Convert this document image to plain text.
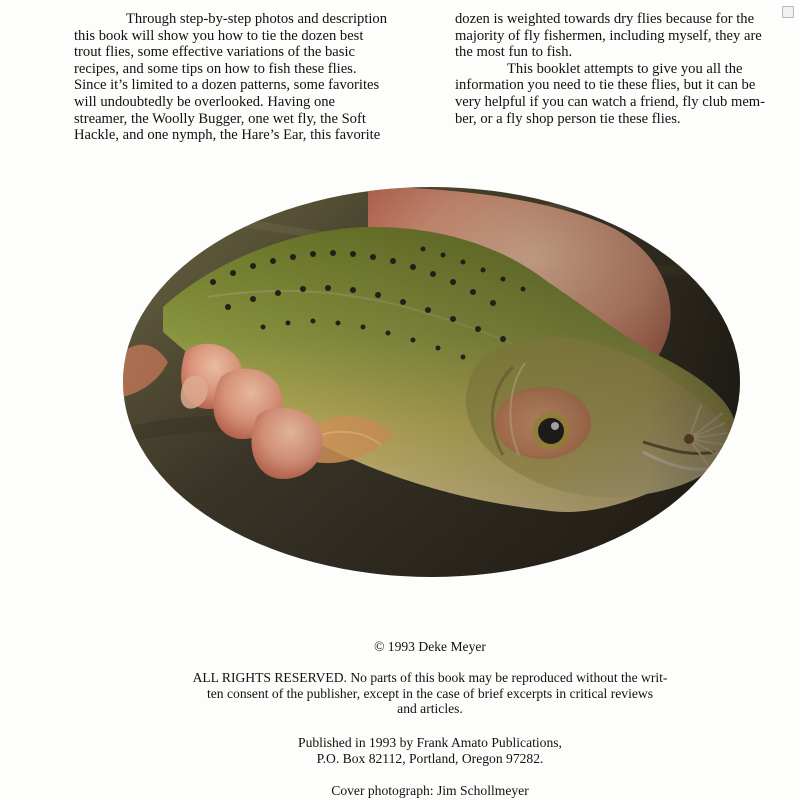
Through step-by-step photos and description

this book will show you how to tie the dozen best

trout flies, some effective variations of the basic

recipes, and some tips on how to fish these flies.

Since it’s limited to a dozen patterns, some favorites

will undoubtedly be overlooked. Having one

streamer, the Woolly Bugger, one wet fly, the Soft

Hackle, and one nymph, the Hare’s Ear, this favorite

dozen is weighted towards dry flies because for the

majority of fly fishermen, including myself, they are

the most fun to fish.

This booklet attempts to give you all the

information you need to tie these flies, but it can be

very helpful if you can watch a friend, fly club mem-

ber, or a fly shop person tie these flies.

© 1993 Deke Meyer

ALL RIGHTS RESERVED. No parts of this book may be reproduced without the writ-

ten consent of the publisher, except in the case of brief excerpts in critical reviews

and articles.

Published in 1993 by Frank Amato Publications,

P.O. Box 82112, Portland, Oregon 97282.

Cover photograph: Jim Schollmeyer
